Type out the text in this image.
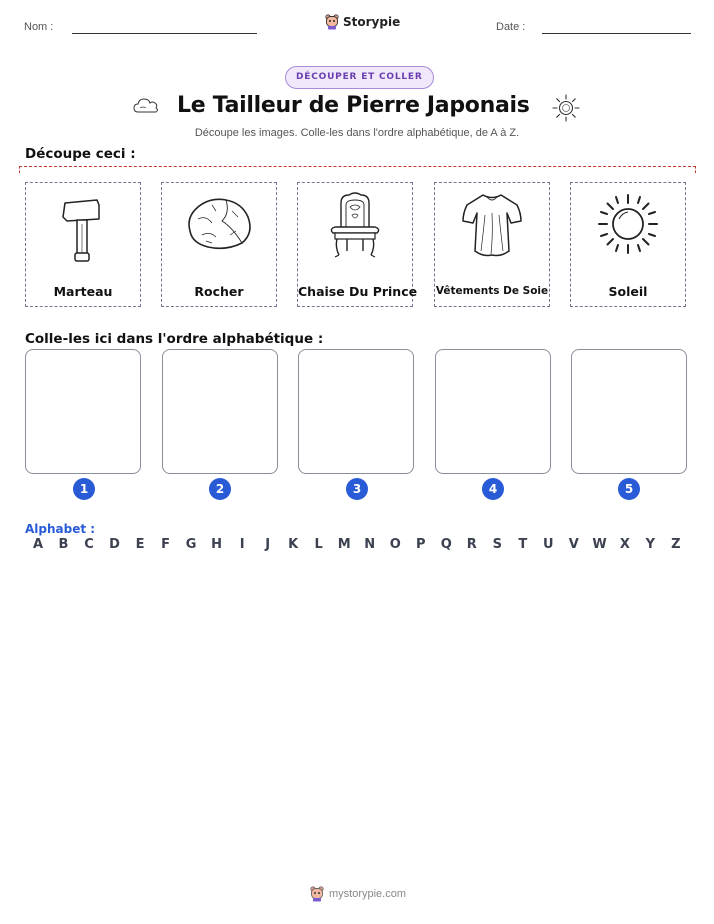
Nom :	Storypie	Date :
DÉCOUPER ET COLLER
Le Tailleur de Pierre Japonais
Découpe les images. Colle-les dans l'ordre alphabétique, de A à Z.
Découpe ceci :
Marteau	Rocher	Chaise Du Prince Vêtements De Soie	Soleil
Colle-les ici dans l'ordre alphabétique :
1	2	3	4	5
Alphabet :
A B C D E F G H	I	J	K L M N O P Q R S T U V W X Y Z
mystorypie.com
